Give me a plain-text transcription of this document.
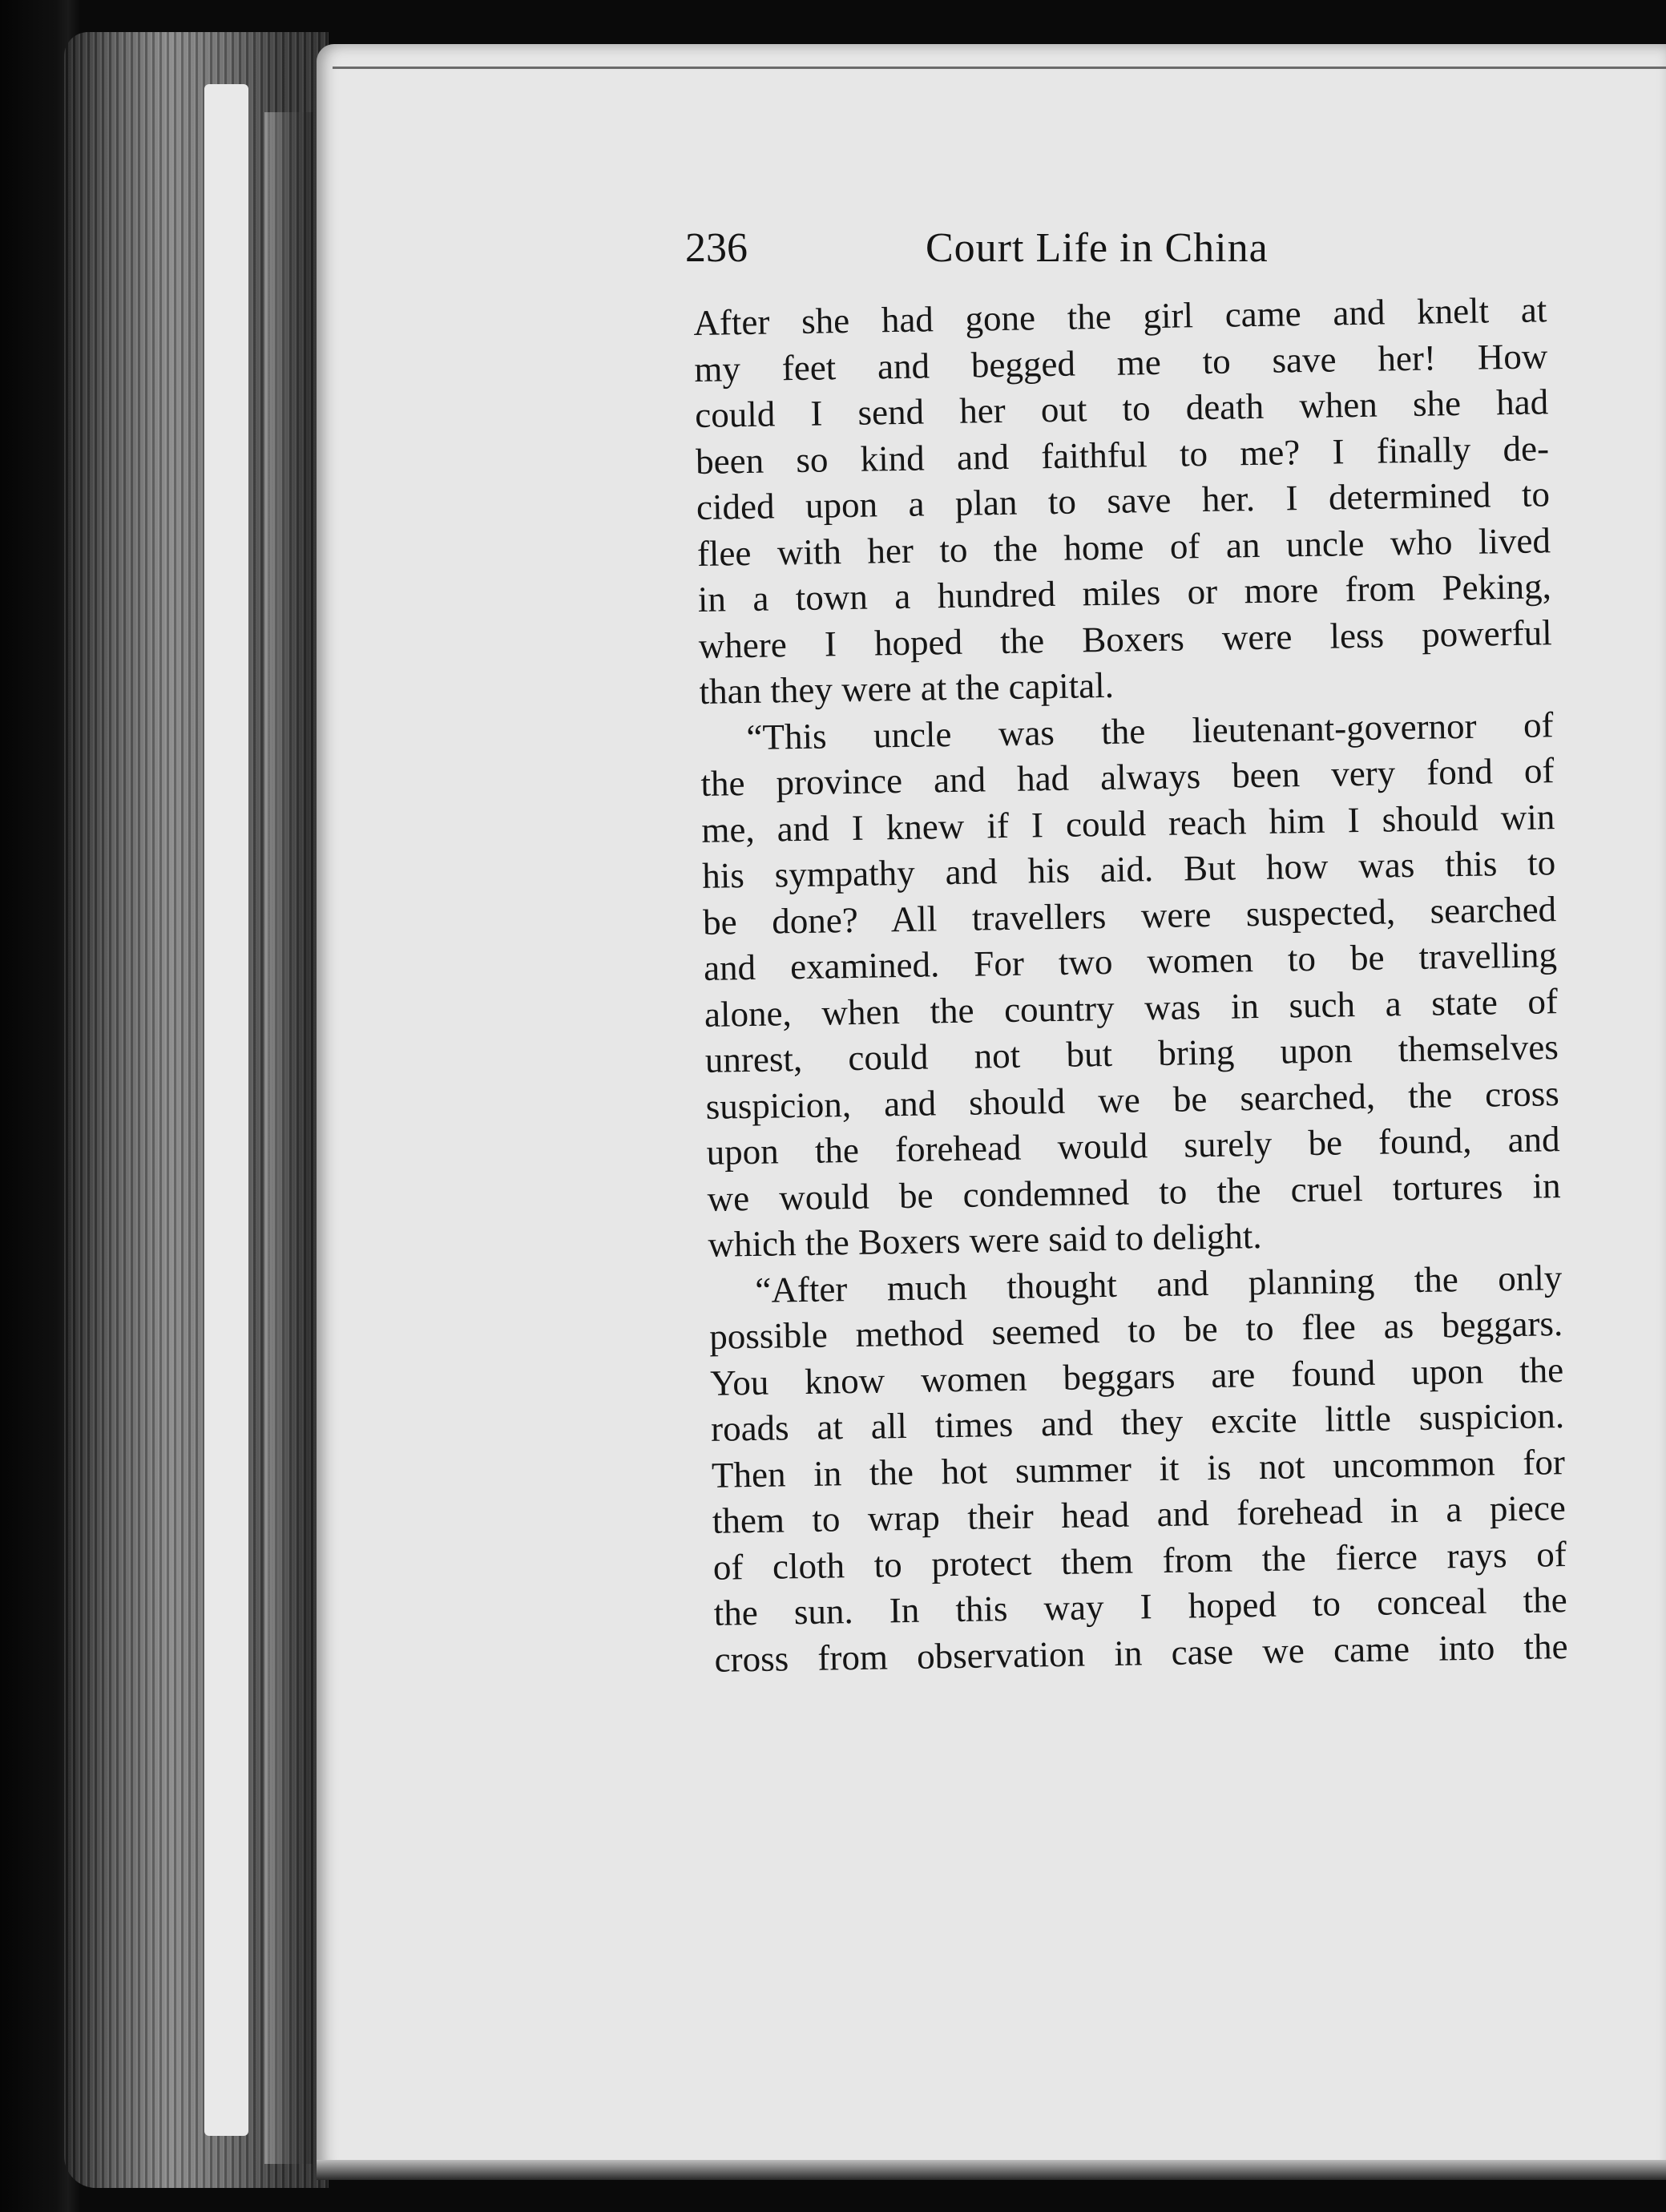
236	Court Life in China
After she had gone the girl came and knelt at
my feet and begged me to save her! How
could I send her out to death when she had
been so kind and faithful to me? I finally de-
cided upon a plan to save her. I determined to
flee with her to the home of an uncle who lived
in a town a hundred miles or more from Peking,
where I hoped the Boxers were less powerful
than they were at the capital.
“This uncle was the lieutenant-governor of
the province and had always been very fond of
me, and I knew if I could reach him I should win
his sympathy and his aid. But how was this to
be done? All travellers were suspected, searched
and examined. For two women to be travelling
alone, when the country was in such a state of
unrest, could not but bring upon themselves
suspicion, and should we be searched, the cross
upon the forehead would surely be found, and
we would be condemned to the cruel tortures in
which the Boxers were said to delight.
“After much thought and planning the only
possible method seemed to be to flee as beggars.
You know women beggars are found upon the
roads at all times and they excite little suspicion.
Then in the hot summer it is not uncommon for
them to wrap their head and forehead in a piece
of cloth to protect them from the fierce rays of
the sun. In this way I hoped to conceal the
cross from observation in case we came into the
